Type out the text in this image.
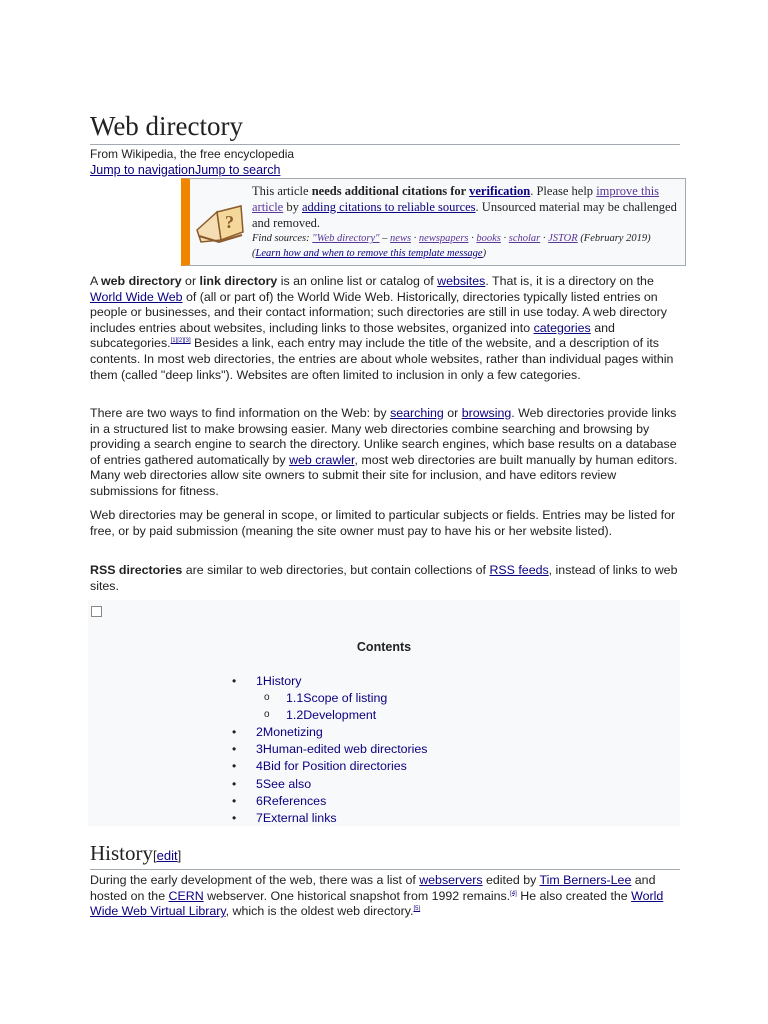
Web directory
From Wikipedia, the free encyclopedia
Jump to navigationJump to search
?
This article needs additional citations for verification. Please help improve this article by adding citations to reliable sources. Unsourced material may be challenged and removed.
Find sources: "Web directory" – news · newspapers · books · scholar · JSTOR (February 2019) (Learn how and when to remove this template message)

A web directory or link directory is an online list or catalog of websites. That is, it is a directory on the World Wide Web of (all or part of) the World Wide Web. Historically, directories typically listed entries on people or businesses, and their contact information; such directories are still in use today. A web directory includes entries about websites, including links to those websites, organized into categories and subcategories.[1][2][3] Besides a link, each entry may include the title of the website, and a description of its contents. In most web directories, the entries are about whole websites, rather than individual pages within them (called "deep links"). Websites are often limited to inclusion in only a few categories.

There are two ways to find information on the Web: by searching or browsing. Web directories provide links in a structured list to make browsing easier. Many web directories combine searching and browsing by providing a search engine to search the directory. Unlike search engines, which base results on a database of entries gathered automatically by web crawler, most web directories are built manually by human editors. Many web directories allow site owners to submit their site for inclusion, and have editors review submissions for fitness.

Web directories may be general in scope, or limited to particular subjects or fields. Entries may be listed for free, or by paid submission (meaning the site owner must pay to have his or her website listed).

RSS directories are similar to web directories, but contain collections of RSS feeds, instead of links to web sites.

Contents
• 1History
o 1.1Scope of listing
o 1.2Development
• 2Monetizing
• 3Human-edited web directories
• 4Bid for Position directories
• 5See also
• 6References
• 7External links
History[edit]

During the early development of the web, there was a list of webservers edited by Tim Berners-Lee and hosted on the CERN webserver. One historical snapshot from 1992 remains.[4] He also created the World Wide Web Virtual Library, which is the oldest web directory.[5]
